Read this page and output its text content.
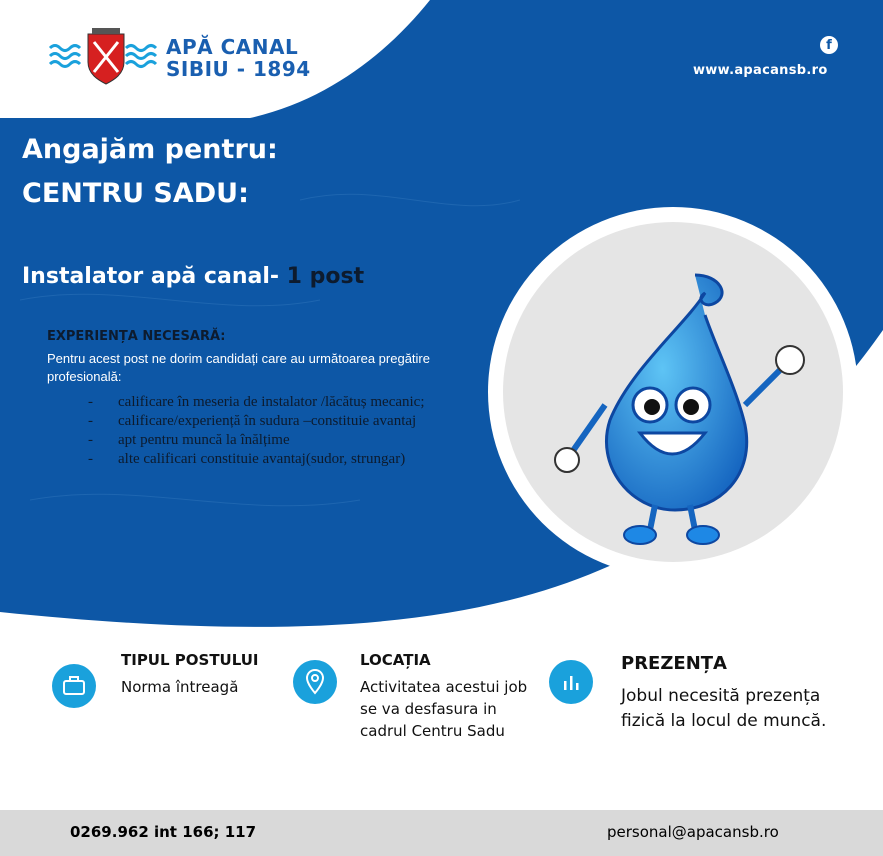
APĂ CANAL
SIBIU - 1894
f
www.apacansb.ro
Angajăm pentru:
CENTRU SADU:
Instalator apă canal- 1 post
EXPERIENȚA NECESARĂ:
Pentru acest post ne dorim candidați care au următoarea pregătire profesională:
- calificare în meseria de instalator /lăcătuș mecanic;
- calificare/experiență în sudura –constituie avantaj
- apt pentru muncă la înălțime
- alte calificari constituie avantaj(sudor, strungar)
TIPUL POSTULUI
Norma întreagă
LOCAȚIA
Activitatea acestui job
se va desfasura in
cadrul Centru Sadu
PREZENȚA
Jobul necesită prezența
fizică la locul de muncă.
0269.962 int 166; 117	personal@apacansb.ro
